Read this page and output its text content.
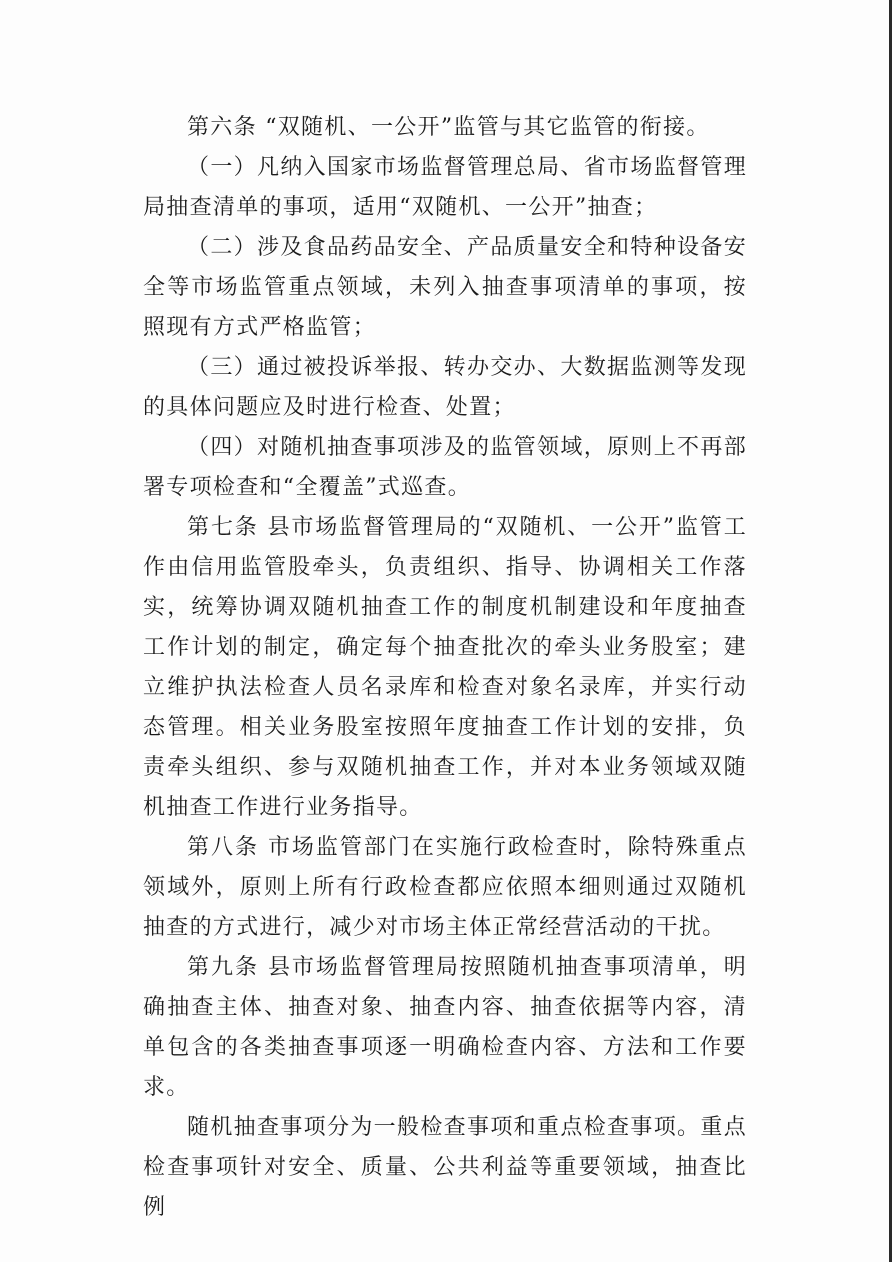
第六条 “双随机、一公开”监管与其它监管的衔接。

（一）凡纳入国家市场监督管理总局、省市场监督管理局抽查清单的事项，适用“双随机、一公开”抽查；

（二）涉及食品药品安全、产品质量安全和特种设备安全等市场监管重点领域，未列入抽查事项清单的事项，按照现有方式严格监管；

（三）通过被投诉举报、转办交办、大数据监测等发现的具体问题应及时进行检查、处置；

（四）对随机抽查事项涉及的监管领域，原则上不再部署专项检查和“全覆盖”式巡查。

第七条 县市场监督管理局的“双随机、一公开”监管工作由信用监管股牵头，负责组织、指导、协调相关工作落实，统筹协调双随机抽查工作的制度机制建设和年度抽查工作计划的制定，确定每个抽查批次的牵头业务股室；建立维护执法检查人员名录库和检查对象名录库，并实行动态管理。相关业务股室按照年度抽查工作计划的安排，负责牵头组织、参与双随机抽查工作，并对本业务领域双随机抽查工作进行业务指导。

第八条 市场监管部门在实施行政检查时，除特殊重点领域外，原则上所有行政检查都应依照本细则通过双随机抽查的方式进行，减少对市场主体正常经营活动的干扰。

第九条 县市场监督管理局按照随机抽查事项清单，明确抽查主体、抽查对象、抽查内容、抽查依据等内容，清单包含的各类抽查事项逐一明确检查内容、方法和工作要求。

随机抽查事项分为一般检查事项和重点检查事项。重点检查事项针对安全、质量、公共利益等重要领域，抽查比例
